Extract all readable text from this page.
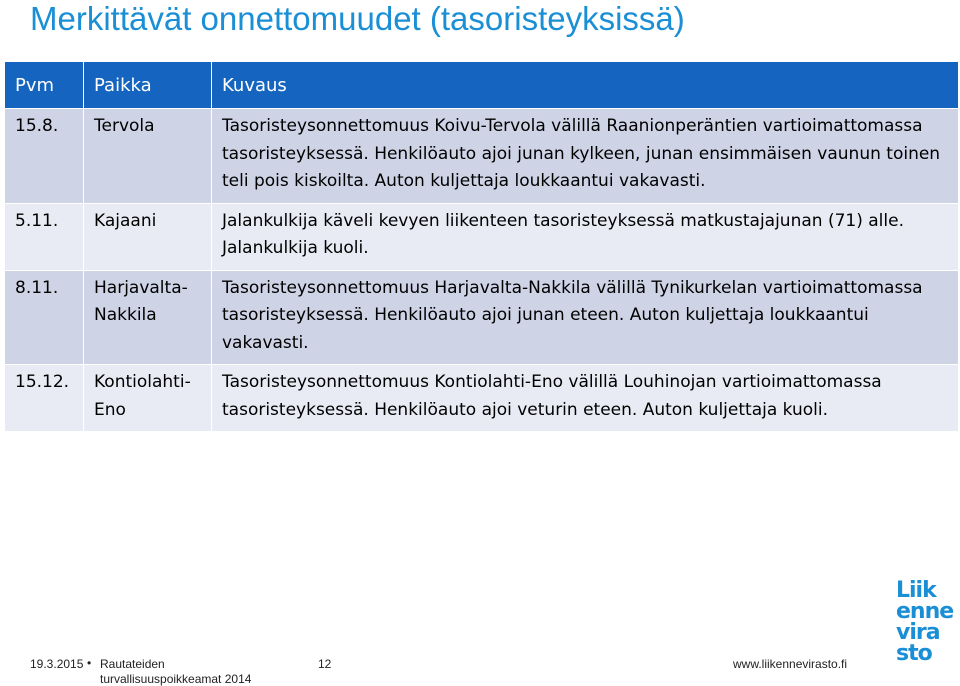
Merkittävät onnettomuudet (tasoristeyksissä)
Pvm	Paikka	Kuvaus
15.8.	Tervola	Tasoristeysonnettomuus Koivu-Tervola välillä Raanionperäntien vartioimattomassa tasoristeyksessä. Henkilöauto ajoi junan kylkeen, junan ensimmäisen vaunun toinen teli pois kiskoilta. Auton kuljettaja loukkaantui vakavasti.
5.11.	Kajaani	Jalankulkija käveli kevyen liikenteen tasoristeyksessä matkustajajunan (71) alle. Jalankulkija kuoli.
8.11.	Harjavalta-Nakkila	Tasoristeysonnettomuus Harjavalta-Nakkila välillä Tynikurkelan vartioimattomassa tasoristeyksessä. Henkilöauto ajoi junan eteen. Auton kuljettaja loukkaantui vakavasti.
15.12.	Kontiolahti-Eno	Tasoristeysonnettomuus Kontiolahti-Eno välillä Louhinojan vartioimattomassa tasoristeyksessä. Henkilöauto ajoi veturin eteen. Auton kuljettaja kuoli.
Liik
enne
vira
sto
19.3.2015 • Rautateiden
turvallisuuspoikkeamat 2014
12	www.liikennevirasto.fi
